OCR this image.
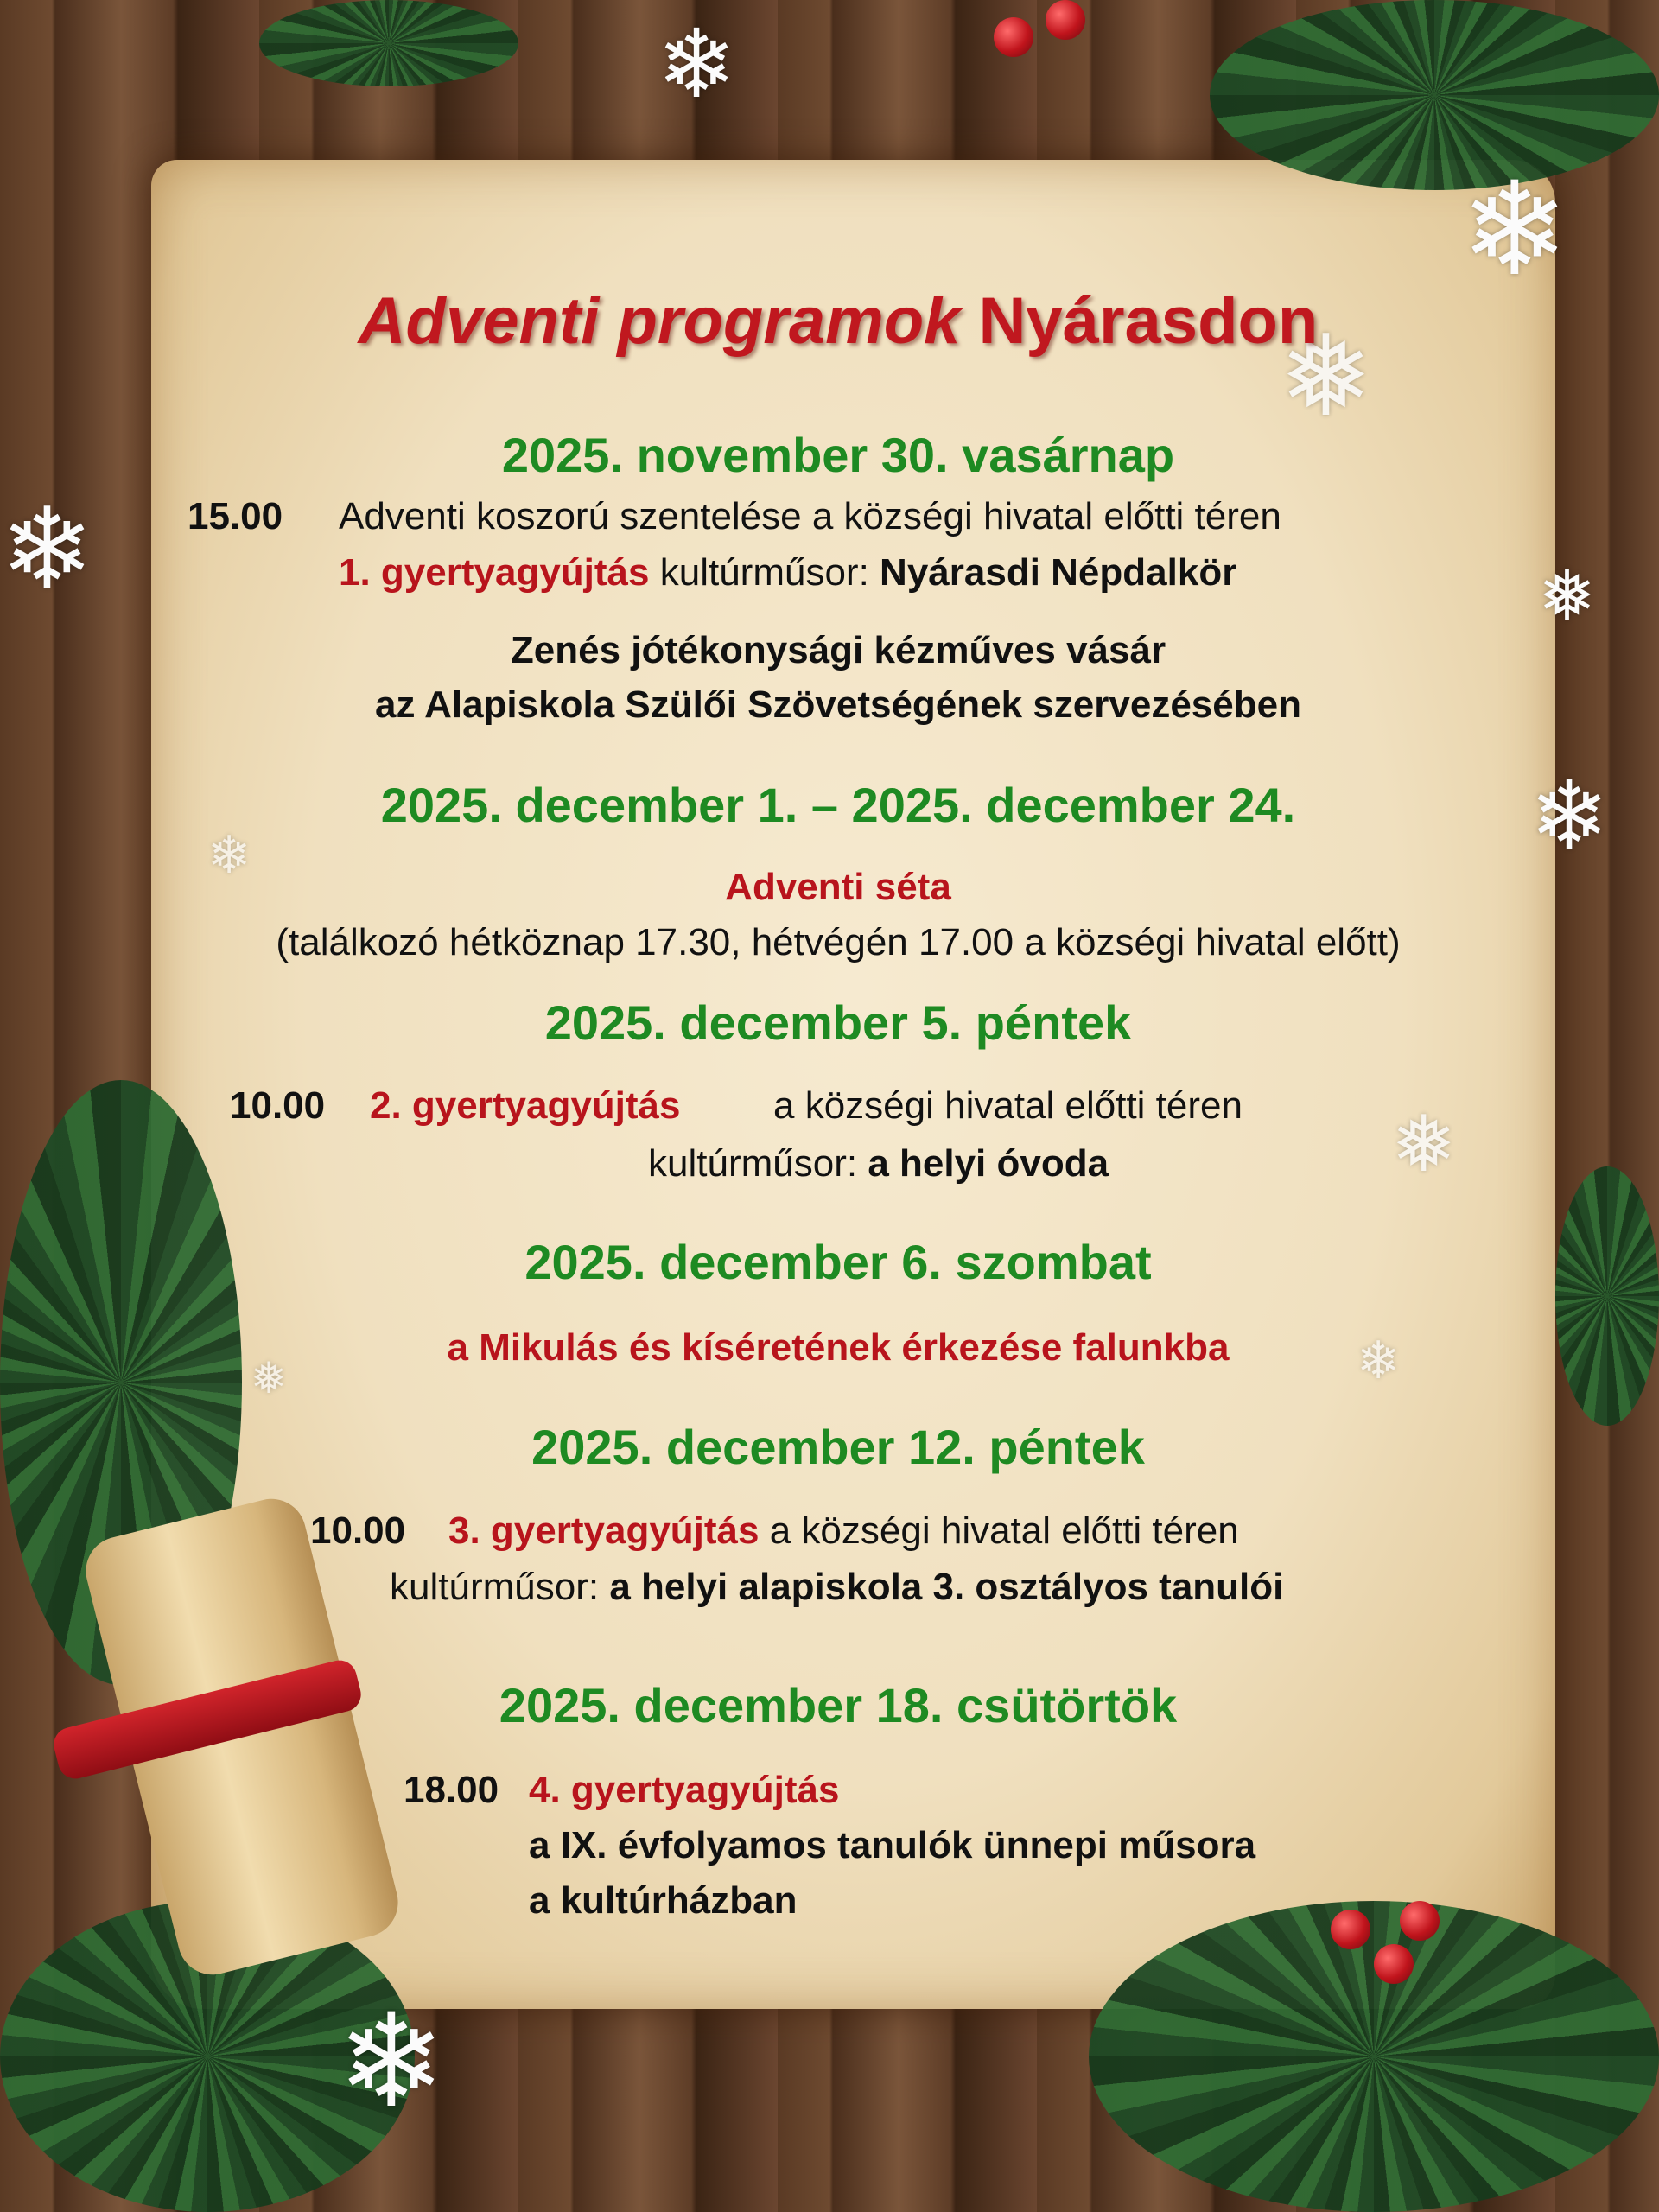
❄
❅
❄	❅
❄
❅
❄
❄
❅
❄
❄
Adventi programok Nyárasdon
2025. november 30. vasárnap
15.00 Adventi koszorú szentelése a községi hivatal előtti téren
1. gyertyagyújtás kultúrműsor: Nyárasdi Népdalkör
Zenés jótékonysági kézműves vásár
az Alapiskola Szülői Szövetségének szervezésében
2025. december 1. – 2025. december 24.
Adventi séta
(találkozó hétköznap 17.30, hétvégén 17.00 a községi hivatal előtt)
2025. december 5. péntek
10.00 2. gyertyagyújtás a községi hivatal előtti téren
kultúrműsor: a helyi óvoda
2025. december 6. szombat
a Mikulás és kíséretének érkezése falunkba
2025. december 12. péntek
10.00 3. gyertyagyújtás a községi hivatal előtti téren
kultúrműsor: a helyi alapiskola 3. osztályos tanulói
2025. december 18. csütörtök
18.00 4. gyertyagyújtás
a IX. évfolyamos tanulók ünnepi műsora
a kultúrházban
